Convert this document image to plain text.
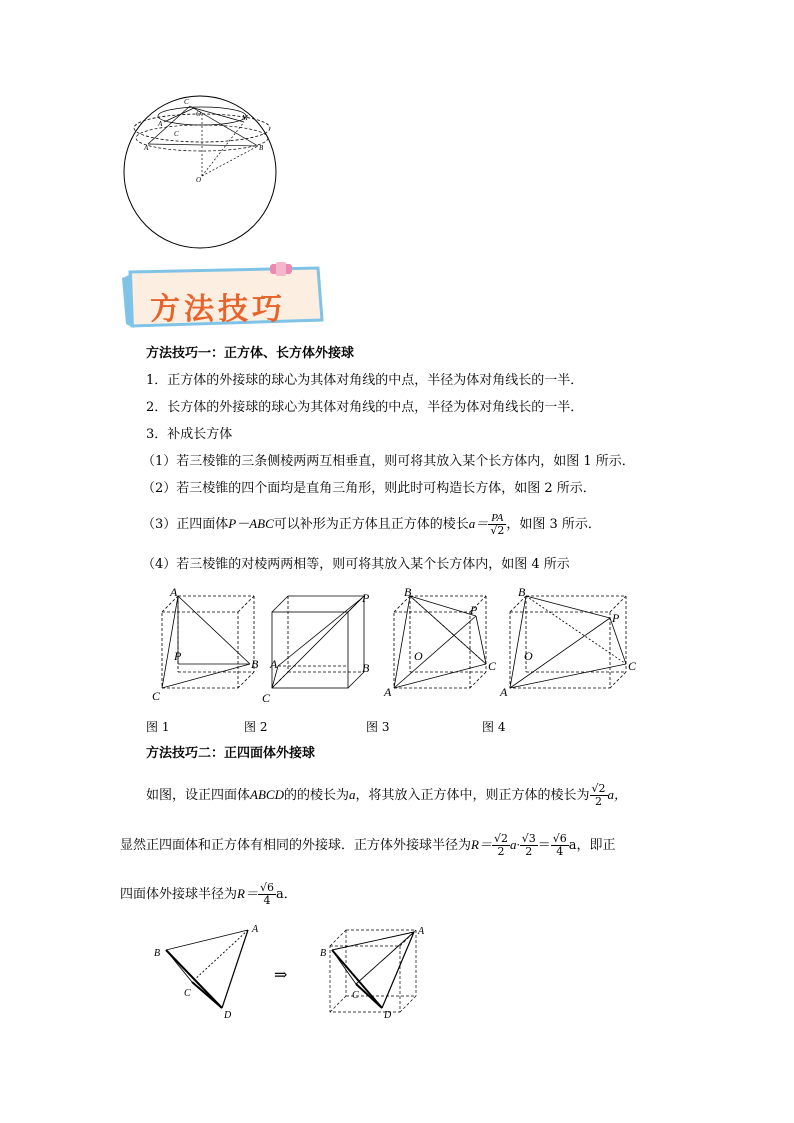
C
O	M
A
C
A	B
O
方法技巧
方法技巧一：正方体、长方体外接球
1．正方体的外接球的球心为其体对角线的中点，半径为体对角线长的一半．
2．长方体的外接球的球心为其体对角线的中点，半径为体对角线长的一半．
3．补成长方体
（1）若三棱锥的三条侧棱两两互相垂直，则可将其放入某个长方体内，如图 1 所示．
（2）若三棱锥的四个面均是直角三角形，则此时可构造长方体，如图 2 所示．
（3）正四面体P－ABC可以补形为正方体且正方体的棱长$a= \frac{PA}{√2}$ ，如图 3 所示．
（4）若三棱锥的对棱两两相等，则可将其放入某个长方体内，如图 4 所示
A
P
B
C
P
A	B
C
B
P
O
C
A
B
P
O
C
A
图 1	图 2	图 3	图 4
方法技巧二：正四面体外接球
如图，设正四面体ABCD的的棱长为a，将其放入正方体中，则正方体的棱长为 $\frac{√2}{2}$ a，
显然正四面体和正方体有相同的外接球．正方体外接球半径为$R= \frac{√2}{2} a\cdot \frac{√3}{2} = \frac{√6}{4}$ a，即正
四面体外接球半径为$R= \frac{√6}{4}$ a．
A
B
C
D
⇒
A
B
C
D
